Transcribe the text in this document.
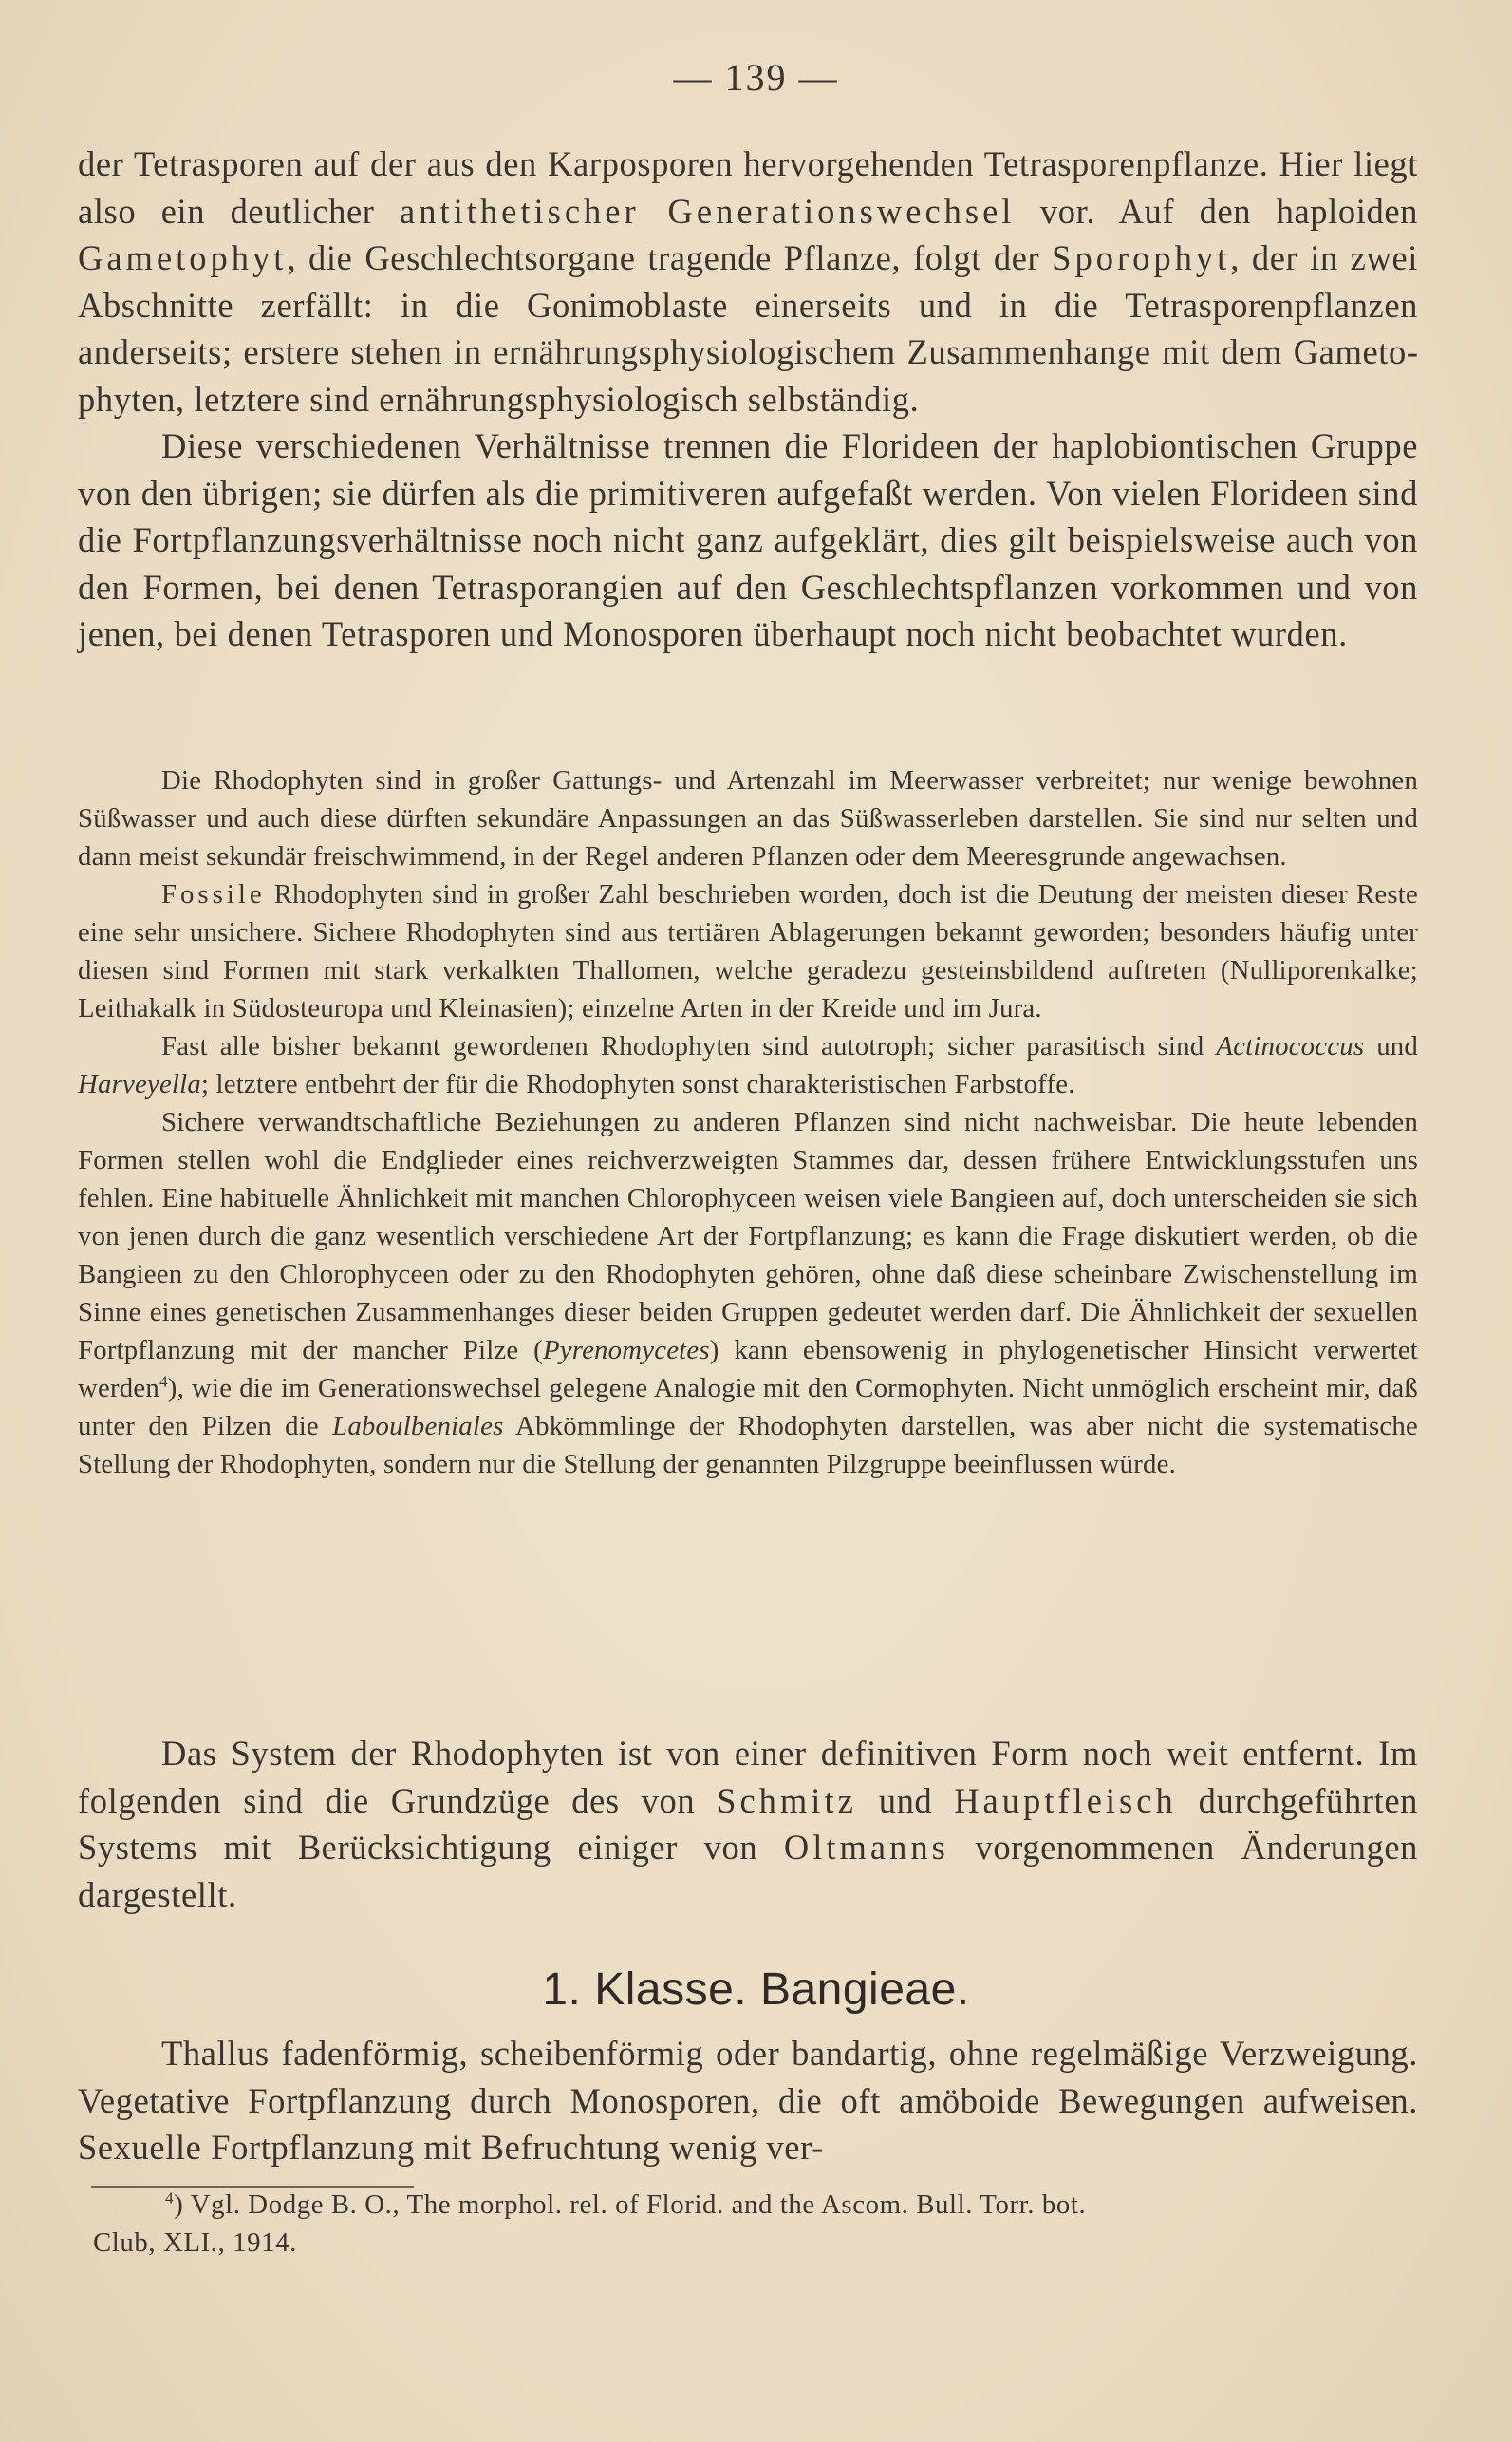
— 139 —

der Tetrasporen auf der aus den Karposporen hervorgehenden Tetrasporenpflanze. Hier liegt also ein deutlicher antithetischer Generationswechsel vor. Auf den haploiden Gametophyt, die Geschlechtsorgane tragende Pflanze, folgt der Sporophyt, der in zwei Abschnitte zerfällt: in die Gonimoblaste einerseits und in die Tetrasporenpflanzen anderseits; erstere stehen in ernährungsphysiologischem Zusammenhange mit dem Gametophyten, letztere sind ernährungsphysiologisch selbständig.

Diese verschiedenen Verhältnisse trennen die Florideen der haplobiontischen Gruppe von den übrigen; sie dürfen als die primitiveren aufgefaßt werden. Von vielen Florideen sind die Fortpflanzungsverhältnisse noch nicht ganz aufgeklärt, dies gilt beispielsweise auch von den Formen, bei denen Tetrasporangien auf den Geschlechtspflanzen vorkommen und von jenen, bei denen Tetrasporen und Monosporen überhaupt noch nicht beobachtet wurden.

Die Rhodophyten sind in großer Gattungs- und Artenzahl im Meerwasser verbreitet; nur wenige bewohnen Süßwasser und auch diese dürften sekundäre Anpassungen an das Süßwasserleben darstellen. Sie sind nur selten und dann meist sekundär freischwimmend, in der Regel anderen Pflanzen oder dem Meeresgrunde angewachsen.

Fossile Rhodophyten sind in großer Zahl beschrieben worden, doch ist die Deutung der meisten dieser Reste eine sehr unsichere. Sichere Rhodophyten sind aus tertiären Ablagerungen bekannt geworden; besonders häufig unter diesen sind Formen mit stark verkalkten Thallomen, welche geradezu gesteinsbildend auftreten (Nulliporenkalke; Leithakalk in Südosteuropa und Kleinasien); einzelne Arten in der Kreide und im Jura.

Fast alle bisher bekannt gewordenen Rhodophyten sind autotroph; sicher parasitisch sind Actinococcus und Harveyella; letztere entbehrt der für die Rhodophyten sonst charakteristischen Farbstoffe.

Sichere verwandtschaftliche Beziehungen zu anderen Pflanzen sind nicht nachweisbar. Die heute lebenden Formen stellen wohl die Endglieder eines reichverzweigten Stammes dar, dessen frühere Entwicklungsstufen uns fehlen. Eine habituelle Ähnlichkeit mit manchen Chlorophyceen weisen viele Bangieen auf, doch unterscheiden sie sich von jenen durch die ganz wesentlich verschiedene Art der Fortpflanzung; es kann die Frage diskutiert werden, ob die Bangieen zu den Chlorophyceen oder zu den Rhodophyten gehören, ohne daß diese scheinbare Zwischenstellung im Sinne eines genetischen Zusammenhanges dieser beiden Gruppen gedeutet werden darf. Die Ähnlichkeit der sexuellen Fortpflanzung mit der mancher Pilze (Pyrenomycetes) kann ebensowenig in phylogenetischer Hinsicht verwertet werden$^4$), wie die im Generationswechsel gelegene Analogie mit den Cormophyten. Nicht unmöglich erscheint mir, daß unter den Pilzen die Laboulbeniales Abkömmlinge der Rhodophyten darstellen, was aber nicht die systematische Stellung der Rhodophyten, sondern nur die Stellung der genannten Pilzgruppe beeinflussen würde.

Das System der Rhodophyten ist von einer definitiven Form noch weit entfernt. Im folgenden sind die Grundzüge des von Schmitz und Hauptfleisch durchgeführten Systems mit Berücksichtigung einiger von Oltmanns vorgenommenen Änderungen dargestellt.

1. Klasse. Bangieae.

Thallus fadenförmig, scheibenförmig oder bandartig, ohne regelmäßige Verzweigung. Vegetative Fortpflanzung durch Monosporen, die oft amöboide Bewegungen aufweisen. Sexuelle Fortpflanzung mit Befruchtung wenig ver-

$^4$) Vgl. Dodge B. O., The morphol. rel. of Florid. and the Ascom. Bull. Torr. bot.

Club, XLI., 1914.
